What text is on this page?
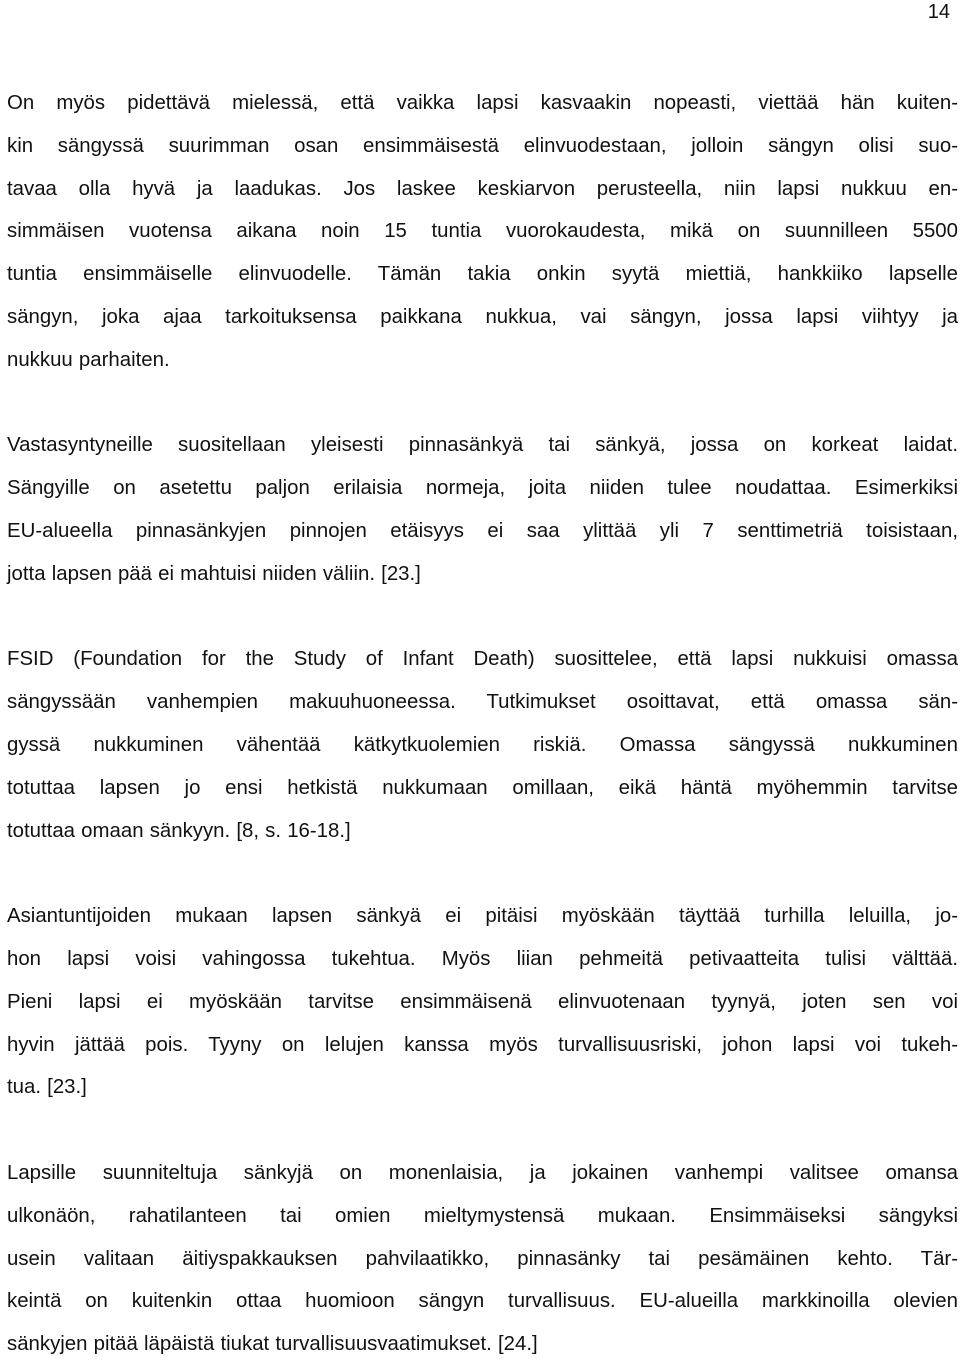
14

On myös pidettävä mielessä, että vaikka lapsi kasvaakin nopeasti, viettää hän kuiten-
kin sängyssä suurimman osan ensimmäisestä elinvuodestaan, jolloin sängyn olisi suo-
tavaa olla hyvä ja laadukas. Jos laskee keskiarvon perusteella, niin lapsi nukkuu en-
simmäisen vuotensa aikana noin 15 tuntia vuorokaudesta, mikä on suunnilleen 5500
tuntia ensimmäiselle elinvuodelle. Tämän takia onkin syytä miettiä, hankkiiko lapselle
sängyn, joka ajaa tarkoituksensa paikkana nukkua, vai sängyn, jossa lapsi viihtyy ja
nukkuu parhaiten.

Vastasyntyneille suositellaan yleisesti pinnasänkyä tai sänkyä, jossa on korkeat laidat.
Sängyille on asetettu paljon erilaisia normeja, joita niiden tulee noudattaa. Esimerkiksi
EU-alueella pinnasänkyjen pinnojen etäisyys ei saa ylittää yli 7 senttimetriä toisistaan,
jotta lapsen pää ei mahtuisi niiden väliin. [23.]

FSID (Foundation for the Study of Infant Death) suosittelee, että lapsi nukkuisi omassa
sängyssään vanhempien makuuhuoneessa. Tutkimukset osoittavat, että omassa sän-
gyssä nukkuminen vähentää kätkytkuolemien riskiä. Omassa sängyssä nukkuminen
totuttaa lapsen jo ensi hetkistä nukkumaan omillaan, eikä häntä myöhemmin tarvitse
totuttaa omaan sänkyyn. [8, s. 16-18.]

Asiantuntijoiden mukaan lapsen sänkyä ei pitäisi myöskään täyttää turhilla leluilla, jo-
hon lapsi voisi vahingossa tukehtua. Myös liian pehmeitä petivaatteita tulisi välttää.
Pieni lapsi ei myöskään tarvitse ensimmäisenä elinvuotenaan tyynyä, joten sen voi
hyvin jättää pois. Tyyny on lelujen kanssa myös turvallisuusriski, johon lapsi voi tukeh-
tua. [23.]

Lapsille suunniteltuja sänkyjä on monenlaisia, ja jokainen vanhempi valitsee omansa
ulkonäön, rahatilanteen tai omien mieltymystensä mukaan. Ensimmäiseksi sängyksi
usein valitaan äitiyspakkauksen pahvilaatikko, pinnasänky tai pesämäinen kehto. Tär-
keintä on kuitenkin ottaa huomioon sängyn turvallisuus. EU-alueilla markkinoilla olevien
sänkyjen pitää läpäistä tiukat turvallisuusvaatimukset. [24.]
